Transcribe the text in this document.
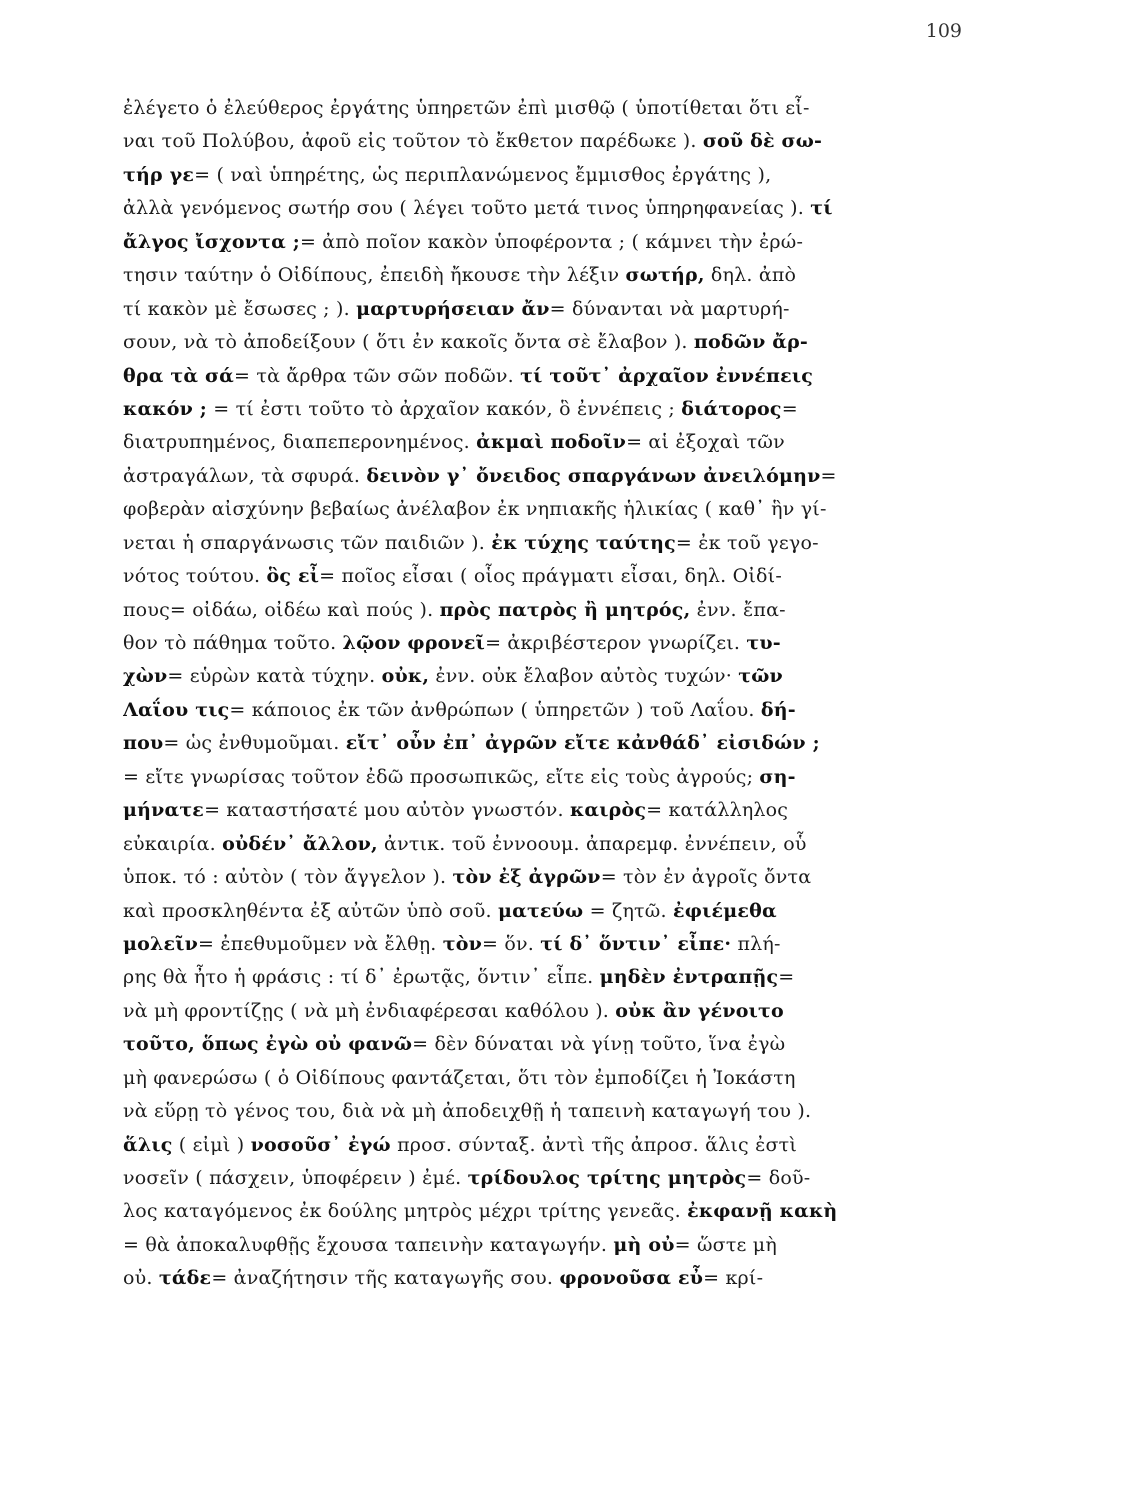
109
ἐλέγετο ὁ ἐλεύθερος ἐργάτης ὑπηρετῶν ἐπὶ μισθῷ ( ὑποτίθεται ὅτι εἶ-
ναι τοῦ Πολύβου, ἀφοῦ εἰς τοῦτον τὸ ἔκθετον παρέδωκε ). σοῦ δὲ σω-
τήρ γε= ( ναὶ ὑπηρέτης, ὡς περιπλανώμενος ἔμμισθος ἐργάτης ),
ἀλλὰ γενόμενος σωτήρ σου ( λέγει τοῦτο μετά τινος ὑπηρηφανείας ). τί
ἄλγος ἴσχοντα ;= ἀπὸ ποῖον κακὸν ὑποφέροντα ; ( κάμνει τὴν ἐρώ-
τησιν ταύτην ὁ Οἰδίπους, ἐπειδὴ ἤκουσε τὴν λέξιν σωτήρ, δηλ. ἀπὸ
τί κακὸν μὲ ἔσωσες ; ). μαρτυρήσειαν ἄν= δύνανται νὰ μαρτυρή-
σουν, νὰ τὸ ἀποδείξουν ( ὅτι ἐν κακοῖς ὄντα σὲ ἔλαβον ). ποδῶν ἄρ-
θρα τὰ σά= τὰ ἄρθρα τῶν σῶν ποδῶν. τί τοῦτ᾽ ἀρχαῖον ἐννέπεις
κακόν ; = τί ἐστι τοῦτο τὸ ἀρχαῖον κακόν, ὃ ἐννέπεις ; διάτορος=
διατρυπημένος, διαπεπερονημένος. ἀκμαὶ ποδοῖν= αἱ ἐξοχαὶ τῶν
ἀστραγάλων, τὰ σφυρά. δεινὸν γ᾽ ὄνειδος σπαργάνων ἀνειλόμην=
φοβερὰν αἰσχύνην βεβαίως ἀνέλαβον ἐκ νηπιακῆς ἡλικίας ( καθ᾽ ἣν γί-
νεται ἡ σπαργάνωσις τῶν παιδιῶν ). ἐκ τύχης ταύτης= ἐκ τοῦ γεγο-
νότος τούτου. ὃς εἶ= ποῖος εἶσαι ( οἷος πράγματι εἶσαι, δηλ. Οἰδί-
πους= οἰδάω, οἰδέω καὶ πούς ). πρὸς πατρὸς ἢ μητρός, ἐνν. ἔπα-
θον τὸ πάθημα τοῦτο. λῷον φρονεῖ= ἀκριβέστερον γνωρίζει. τυ-
χὼν= εὑρὼν κατὰ τύχην. οὐκ, ἐνν. οὐκ ἔλαβον αὐτὸς τυχών· τῶν
Λαΐου τις= κάποιος ἐκ τῶν ἀνθρώπων ( ὑπηρετῶν ) τοῦ Λαΐου. δή-
που= ὡς ἐνθυμοῦμαι. εἴτ᾽ οὖν ἐπ᾽ ἀγρῶν εἴτε κἀνθάδ᾽ εἰσιδών ;
= εἴτε γνωρίσας τοῦτον ἐδῶ προσωπικῶς, εἴτε εἰς τοὺς ἀγρούς; ση-
μήνατε= καταστήσατέ μου αὐτὸν γνωστόν. καιρὸς= κατάλληλος
εὐκαιρία. οὐδέν᾽ ἄλλον, ἀντικ. τοῦ ἐννοουμ. ἀπαρεμφ. ἐννέπειν, οὗ
ὑποκ. τό : αὐτὸν ( τὸν ἄγγελον ). τὸν ἐξ ἀγρῶν= τὸν ἐν ἀγροῖς ὄντα
καὶ προσκληθέντα ἐξ αὐτῶν ὑπὸ σοῦ. ματεύω = ζητῶ. ἐφιέμεθα
μολεῖν= ἐπεθυμοῦμεν νὰ ἔλθῃ. τὸν= ὅν. τί δ᾽ ὅντιν᾽ εἶπε· πλή-
ρης θὰ ἦτο ἡ φράσις : τί δ᾽ ἐρωτᾷς, ὅντιν᾽ εἶπε. μηδὲν ἐντραπῇς=
νὰ μὴ φροντίζῃς ( νὰ μὴ ἐνδιαφέρεσαι καθόλου ). οὐκ ἂν γένοιτο
τοῦτο, ὅπως ἐγὼ οὐ φανῶ= δὲν δύναται νὰ γίνῃ τοῦτο, ἵνα ἐγὼ
μὴ φανερώσω ( ὁ Οἰδίπους φαντάζεται, ὅτι τὸν ἐμποδίζει ἡ Ἰοκάστη
νὰ εὕρῃ τὸ γένος του, διὰ νὰ μὴ ἀποδειχθῇ ἡ ταπεινὴ καταγωγή του ).
ἅλις ( εἰμὶ ) νοσοῦσ᾽ ἐγώ προσ. σύνταξ. ἀντὶ τῆς ἀπροσ. ἅλις ἐστὶ
νοσεῖν ( πάσχειν, ὑποφέρειν ) ἐμέ. τρίδουλος τρίτης μητρὸς= δοῦ-
λος καταγόμενος ἐκ δούλης μητρὸς μέχρι τρίτης γενεᾶς. ἐκφανῇ κακὴ
= θὰ ἀποκαλυφθῇς ἔχουσα ταπεινὴν καταγωγήν. μὴ οὐ= ὥστε μὴ
οὐ. τάδε= ἀναζήτησιν τῆς καταγωγῆς σου. φρονοῦσα εὖ= κρί-
